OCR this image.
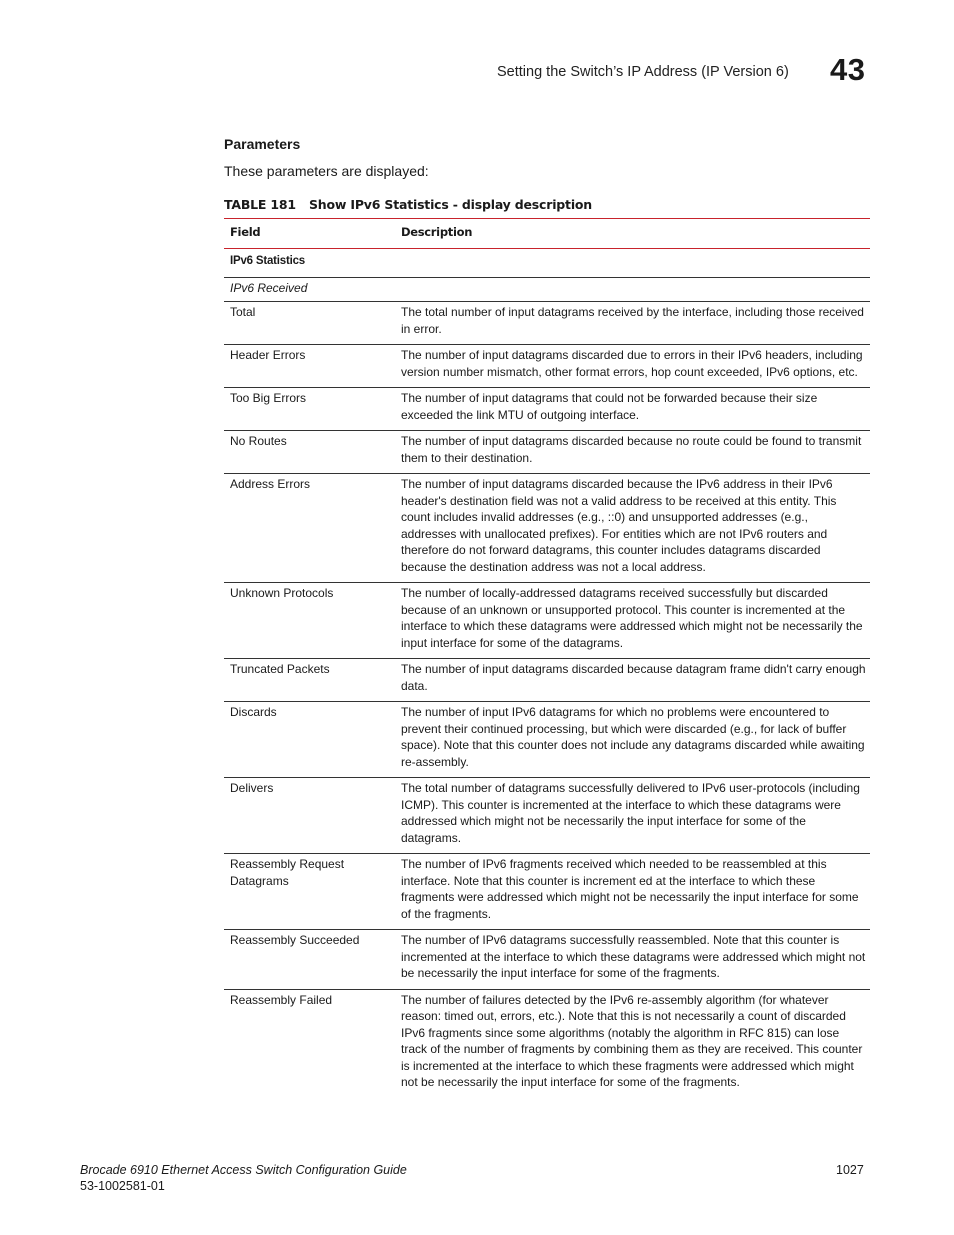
Setting the Switch’s IP Address (IP Version 6) 43
Parameters
These parameters are displayed:
TABLE 181	Show IPv6 Statistics - display description
Field	Description
IPv6 Statistics	
IPv6 Received	
Total	The total number of input datagrams received by the interface, including those received in error.
Header Errors	The number of input datagrams discarded due to errors in their IPv6 headers, including version number mismatch, other format errors, hop count exceeded, IPv6 options, etc.
Too Big Errors	The number of input datagrams that could not be forwarded because their size exceeded the link MTU of outgoing interface.
No Routes	The number of input datagrams discarded because no route could be found to transmit them to their destination.
Address Errors	The number of input datagrams discarded because the IPv6 address in their IPv6 header's destination field was not a valid address to be received at this entity. This count includes invalid addresses (e.g., ::0) and unsupported addresses (e.g., addresses with unallocated prefixes). For entities which are not IPv6 routers and therefore do not forward datagrams, this counter includes datagrams discarded because the destination address was not a local address.
Unknown Protocols	The number of locally-addressed datagrams received successfully but discarded because of an unknown or unsupported protocol. This counter is incremented at the interface to which these datagrams were addressed which might not be necessarily the input interface for some of the datagrams.
Truncated Packets	The number of input datagrams discarded because datagram frame didn't carry enough data.
Discards	The number of input IPv6 datagrams for which no problems were encountered to prevent their continued processing, but which were discarded (e.g., for lack of buffer space). Note that this counter does not include any datagrams discarded while awaiting re-assembly.
Delivers	The total number of datagrams successfully delivered to IPv6 user-protocols (including ICMP). This counter is incremented at the interface to which these datagrams were addressed which might not be necessarily the input interface for some of the datagrams.
Reassembly Request Datagrams	The number of IPv6 fragments received which needed to be reassembled at this interface. Note that this counter is increment ed at the interface to which these fragments were addressed which might not be necessarily the input interface for some of the fragments.
Reassembly Succeeded	The number of IPv6 datagrams successfully reassembled. Note that this counter is incremented at the interface to which these datagrams were addressed which might not be necessarily the input interface for some of the fragments.
Reassembly Failed	The number of failures detected by the IPv6 re-assembly algorithm (for whatever reason: timed out, errors, etc.). Note that this is not necessarily a count of discarded IPv6 fragments since some algorithms (notably the algorithm in RFC 815) can lose track of the number of fragments by combining them as they are received. This counter is incremented at the interface to which these fragments were addressed which might not be necessarily the input interface for some of the fragments.
Brocade 6910 Ethernet Access Switch Configuration Guide
53-1002581-01
1027
